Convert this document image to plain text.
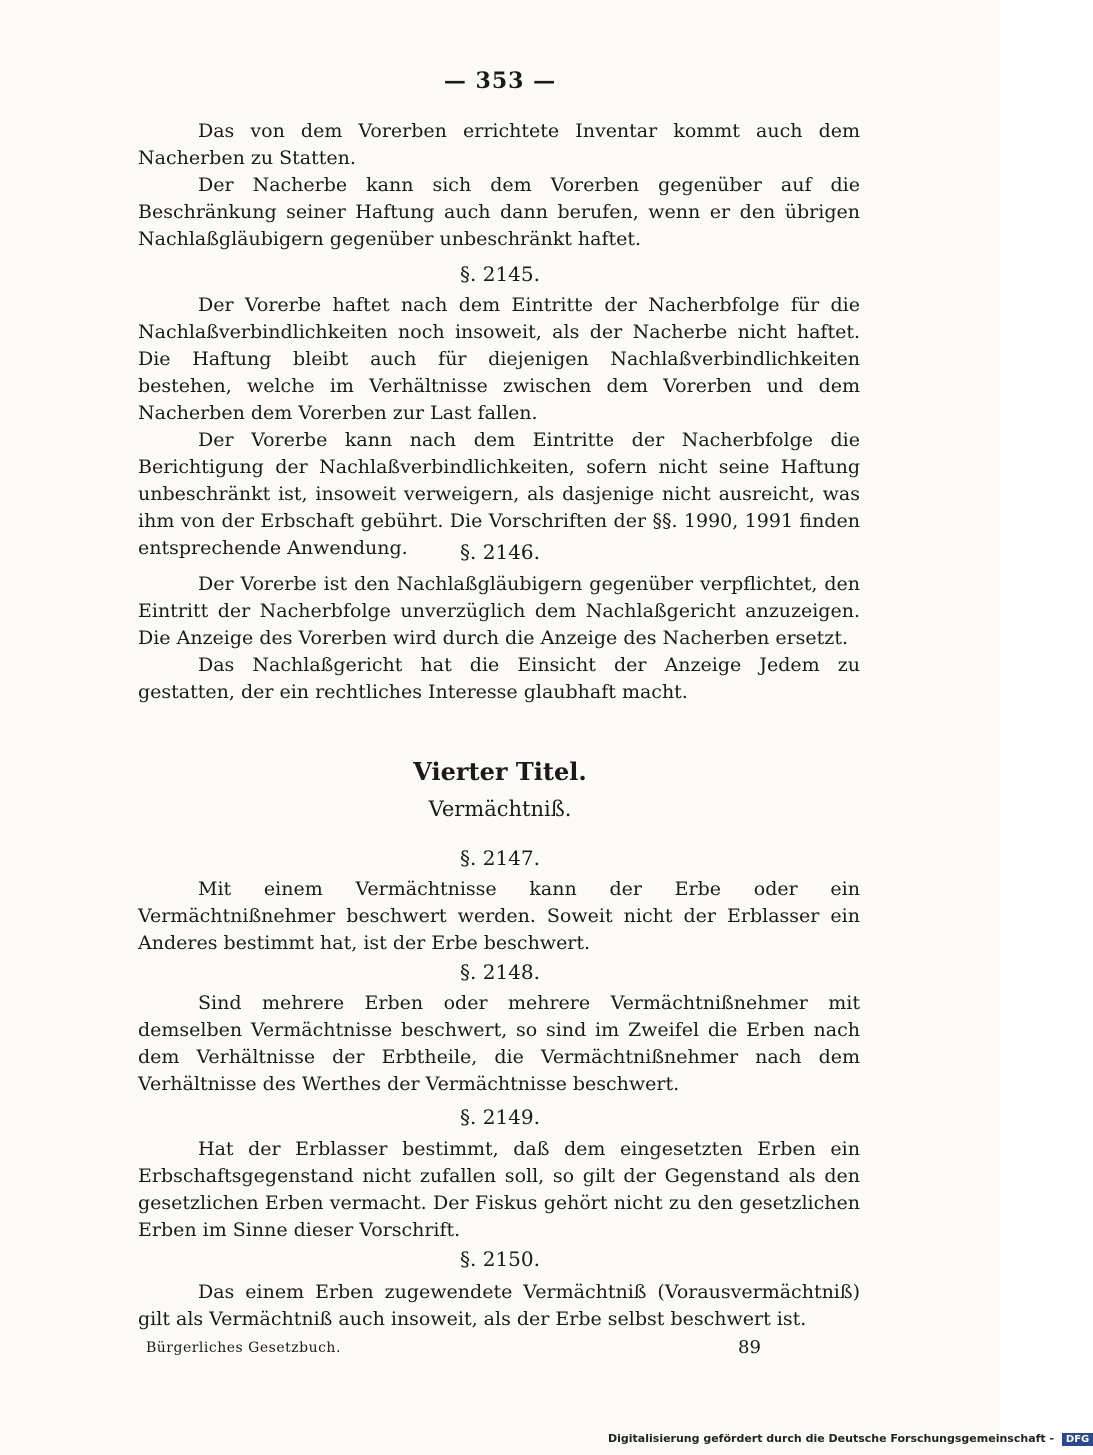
— 353 —

Das von dem Vorerben errichtete Inventar kommt auch dem Nacherben zu Statten.

Der Nacherbe kann sich dem Vorerben gegenüber auf die Beschränkung seiner Haftung auch dann berufen, wenn er den übrigen Nachlaßgläubigern gegenüber unbeschränkt haftet.

§. 2145.

Der Vorerbe haftet nach dem Eintritte der Nacherbfolge für die Nachlaßverbindlichkeiten noch insoweit, als der Nacherbe nicht haftet. Die Haftung bleibt auch für diejenigen Nachlaßverbindlichkeiten bestehen, welche im Verhältnisse zwischen dem Vorerben und dem Nacherben dem Vorerben zur Last fallen.

Der Vorerbe kann nach dem Eintritte der Nacherbfolge die Berichtigung der Nachlaßverbindlichkeiten, sofern nicht seine Haftung unbeschränkt ist, insoweit verweigern, als dasjenige nicht ausreicht, was ihm von der Erbschaft gebührt. Die Vorschriften der §§. 1990, 1991 finden entsprechende Anwendung.	§. 2146.

Der Vorerbe ist den Nachlaßgläubigern gegenüber verpflichtet, den Eintritt der Nacherbfolge unverzüglich dem Nachlaßgericht anzuzeigen. Die Anzeige des Vorerben wird durch die Anzeige des Nacherben ersetzt.

Das Nachlaßgericht hat die Einsicht der Anzeige Jedem zu gestatten, der ein rechtliches Interesse glaubhaft macht.

Vierter Titel.
Vermächtniß.
§. 2147.

Mit einem Vermächtnisse kann der Erbe oder ein Vermächtnißnehmer beschwert werden. Soweit nicht der Erblasser ein Anderes bestimmt hat, ist der Erbe beschwert.

§. 2148.

Sind mehrere Erben oder mehrere Vermächtnißnehmer mit demselben Vermächtnisse beschwert, so sind im Zweifel die Erben nach dem Verhältnisse der Erbtheile, die Vermächtnißnehmer nach dem Verhältnisse des Werthes der Vermächtnisse beschwert.

§. 2149.

Hat der Erblasser bestimmt, daß dem eingesetzten Erben ein Erbschaftsgegenstand nicht zufallen soll, so gilt der Gegenstand als den gesetzlichen Erben vermacht. Der Fiskus gehört nicht zu den gesetzlichen Erben im Sinne dieser Vorschrift.

§. 2150.

Das einem Erben zugewendete Vermächtniß (Vorausvermächtniß) gilt als Vermächtniß auch insoweit, als der Erbe selbst beschwert ist.

Bürgerliches Gesetzbuch.	89
Digitalisierung gefördert durch die Deutsche Forschungsgemeinschaft - DFG
